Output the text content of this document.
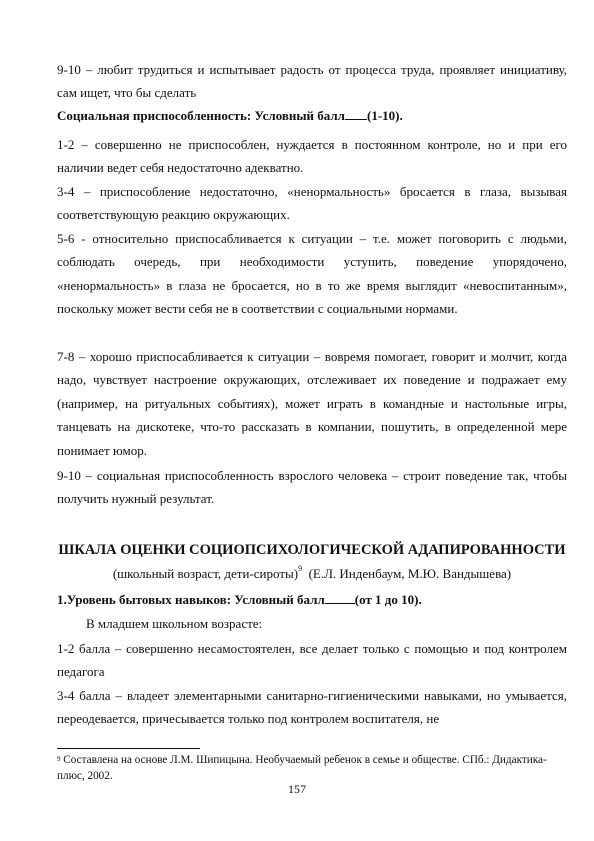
9-10 – любит трудиться и испытывает радость от процесса труда, проявляет инициативу, сам ищет, что бы сделать

Социальная приспособленность: Условный балл (1-10).

1-2 – совершенно не приспособлен, нуждается в постоянном контроле, но и при его наличии ведет себя недостаточно адекватно.

3-4 – приспособление недостаточно, «ненормальность» бросается в глаза, вызывая соответствующую реакцию окружающих.

5-6 - относительно приспосабливается к ситуации – т.е. может поговорить с людьми, соблюдать очередь, при необходимости уступить, поведение упорядочено, «ненормальность» в глаза не бросается, но в то же время выглядит «невоспитанным», поскольку может вести себя не в соответствии с социальными нормами.

7-8 – хорошо приспосабливается к ситуации – вовремя помогает, говорит и молчит, когда надо, чувствует настроение окружающих, отслеживает их поведение и подражает ему (например, на ритуальных событиях), может играть в командные и настольные игры, танцевать на дискотеке, что-то рассказать в компании, пошутить, в определенной мере понимает юмор.

9-10 – социальная приспособленность взрослого человека – строит поведение так, чтобы получить нужный результат.

ШКАЛА ОЦЕНКИ СОЦИОПСИХОЛОГИЧЕСКОЙ АДАПИРОВАННОСТИ

(школьный возраст, дети-сироты)$^9$ (Е.Л. Инденбаум, М.Ю. Вандышева)

1.Уровень бытовых навыков: Условный балл (от 1 до 10).

В младшем школьном возрасте:

1-2 балла – совершенно несамостоятелен, все делает только с помощью и под контролем педагога

3-4 балла – владеет элементарными санитарно-гигиеническими навыками, но умывается, переодевается, причесывается только под контролем воспитателя, не

$^9$ Составлена на основе Л.М. Шипицына. Необучаемый ребенок в семье и обществе. СПб.: Дидактика-плюс, 2002.

157
